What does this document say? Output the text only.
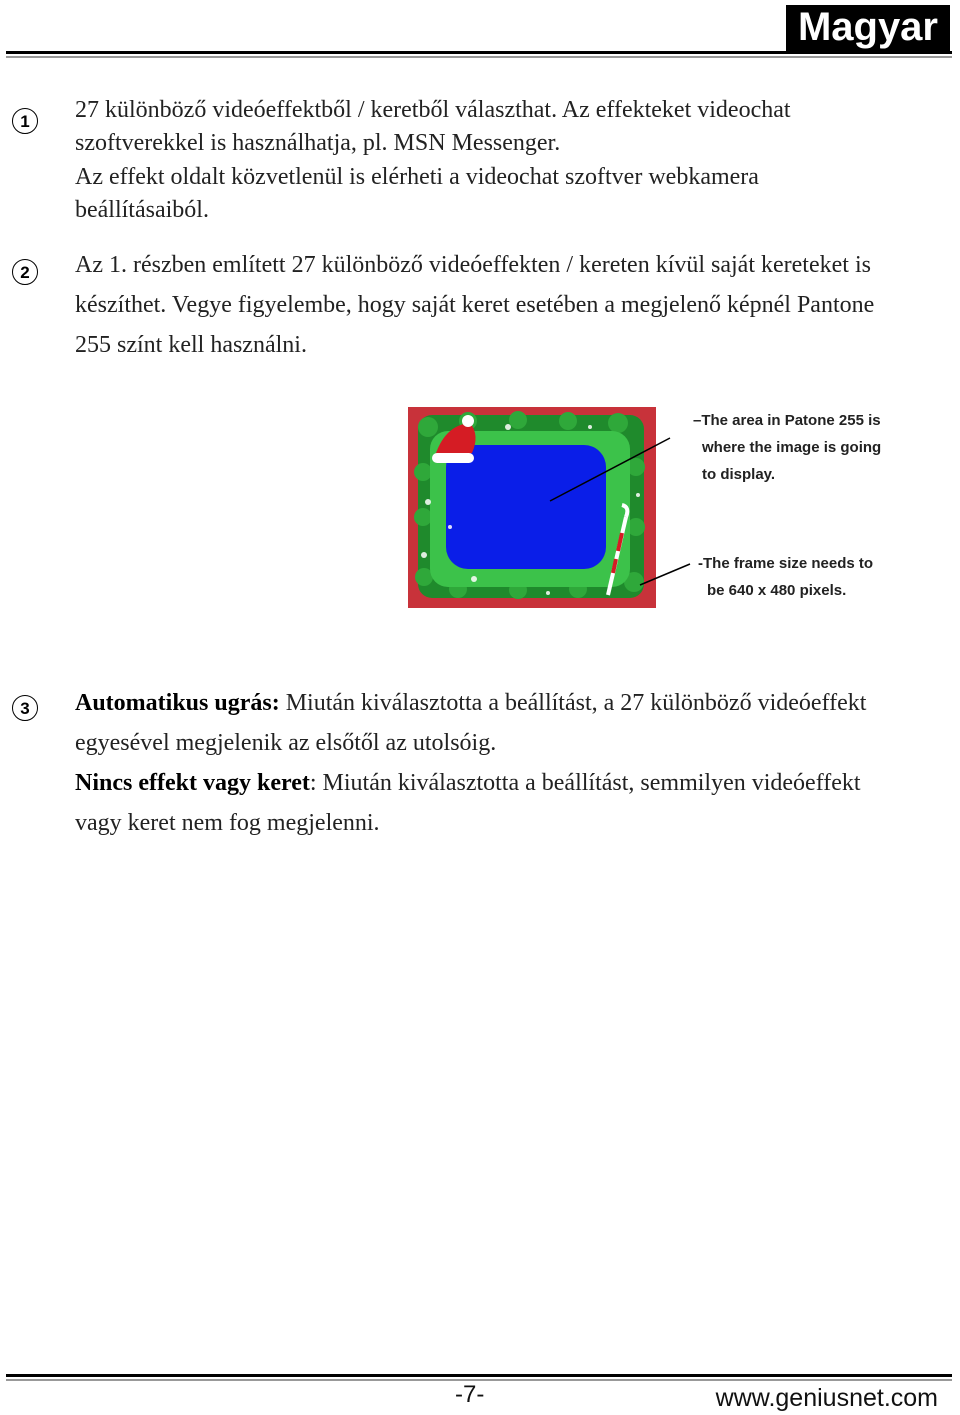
Magyar
1	27 különböző videóeffektből / keretből választhat. Az effekteket videochat
szoftverekkel is használhatja, pl. MSN Messenger.
Az effekt oldalt közvetlenül is elérheti a videochat szoftver webkamera
beállításaiból.
2	Az 1. részben említett 27 különböző videóeffekten / kereten kívül saját kereteket is
készíthet. Vegye figyelembe, hogy saját keret esetében a megjelenő képnél Pantone
255 színt kell használni.
–The area in Patone 255 is
where the image is going
to display.
-The frame size needs to
be 640 x 480 pixels.
3	Automatikus ugrás: Miután kiválasztotta a beállítást, a 27 különböző videóeffekt
egyesével megjelenik az elsőtől az utolsóig.
Nincs effekt vagy keret: Miután kiválasztotta a beállítást, semmilyen videóeffekt
vagy keret nem fog megjelenni.
-7-	www.geniusnet.com
